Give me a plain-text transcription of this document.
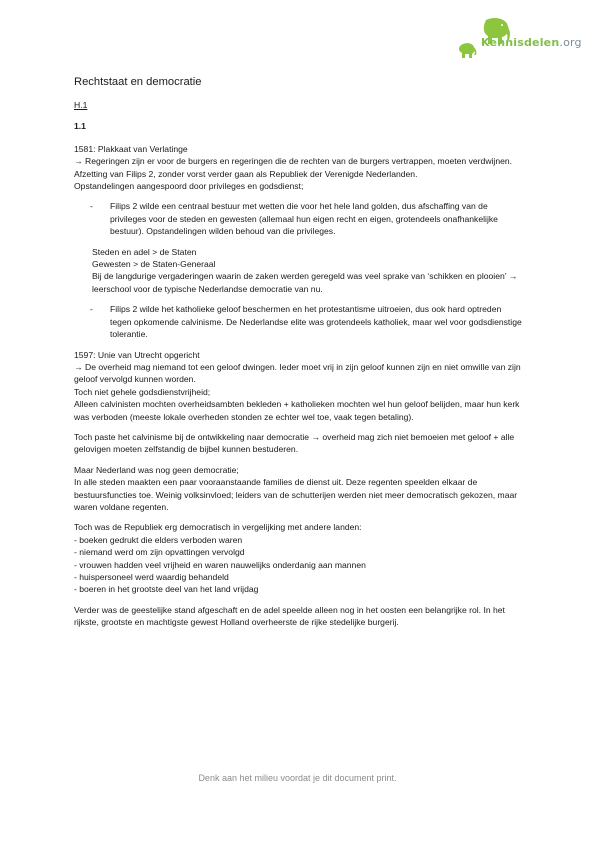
Kennisdelen.org
Rechtstaat en democratie
H.1
1.1

1581: Plakkaat van Verlatinge
→ Regeringen zijn er voor de burgers en regeringen die de rechten van de burgers vertrappen, moeten verdwijnen.
Afzetting van Filips 2, zonder vorst verder gaan als Republiek der Verenigde Nederlanden.
Opstandelingen aangespoord door privileges en godsdienst;

- Filips 2 wilde een centraal bestuur met wetten die voor het hele land golden, dus afschaffing van de privileges voor de steden en gewesten (allemaal hun eigen recht en eigen, grotendeels onafhankelijke bestuur). Opstandelingen wilden behoud van die privileges.

Steden en adel > de Staten
Gewesten > de Staten-Generaal
Bij de langdurige vergaderingen waarin de zaken werden geregeld was veel sprake van ‘schikken en plooien’ → leerschool voor de typische Nederlandse democratie van nu.

- Filips 2 wilde het katholieke geloof beschermen en het protestantisme uitroeien, dus ook hard optreden tegen opkomende calvinisme. De Nederlandse elite was grotendeels katholiek, maar wel voor godsdienstige tolerantie.

1597: Unie van Utrecht opgericht
→ De overheid mag niemand tot een geloof dwingen. Ieder moet vrij in zijn geloof kunnen zijn en niet omwille van zijn geloof vervolgd kunnen worden.
Toch niet gehele godsdienstvrijheid;
Alleen calvinisten mochten overheidsambten bekleden + katholieken mochten wel hun geloof belijden, maar hun kerk was verboden (meeste lokale overheden stonden ze echter wel toe, vaak tegen betaling).

Toch paste het calvinisme bij de ontwikkeling naar democratie → overheid mag zich niet bemoeien met geloof + alle gelovigen moeten zelfstandig de bijbel kunnen bestuderen.

Maar Nederland was nog geen democratie;
In alle steden maakten een paar vooraanstaande families de dienst uit. Deze regenten speelden elkaar de bestuursfuncties toe. Weinig volksinvloed; leiders van de schutterijen werden niet meer democratisch gekozen, maar waren voldane regenten.

Toch was de Republiek erg democratisch in vergelijking met andere landen:
- boeken gedrukt die elders verboden waren
- niemand werd om zijn opvattingen vervolgd
- vrouwen hadden veel vrijheid en waren nauwelijks onderdanig aan mannen
- huispersoneel werd waardig behandeld
- boeren in het grootste deel van het land vrijdag

Verder was de geestelijke stand afgeschaft en de adel speelde alleen nog in het oosten een belangrijke rol. In het rijkste, grootste en machtigste gewest Holland overheerste de rijke stedelijke burgerij.

Denk aan het milieu voordat je dit document print.
